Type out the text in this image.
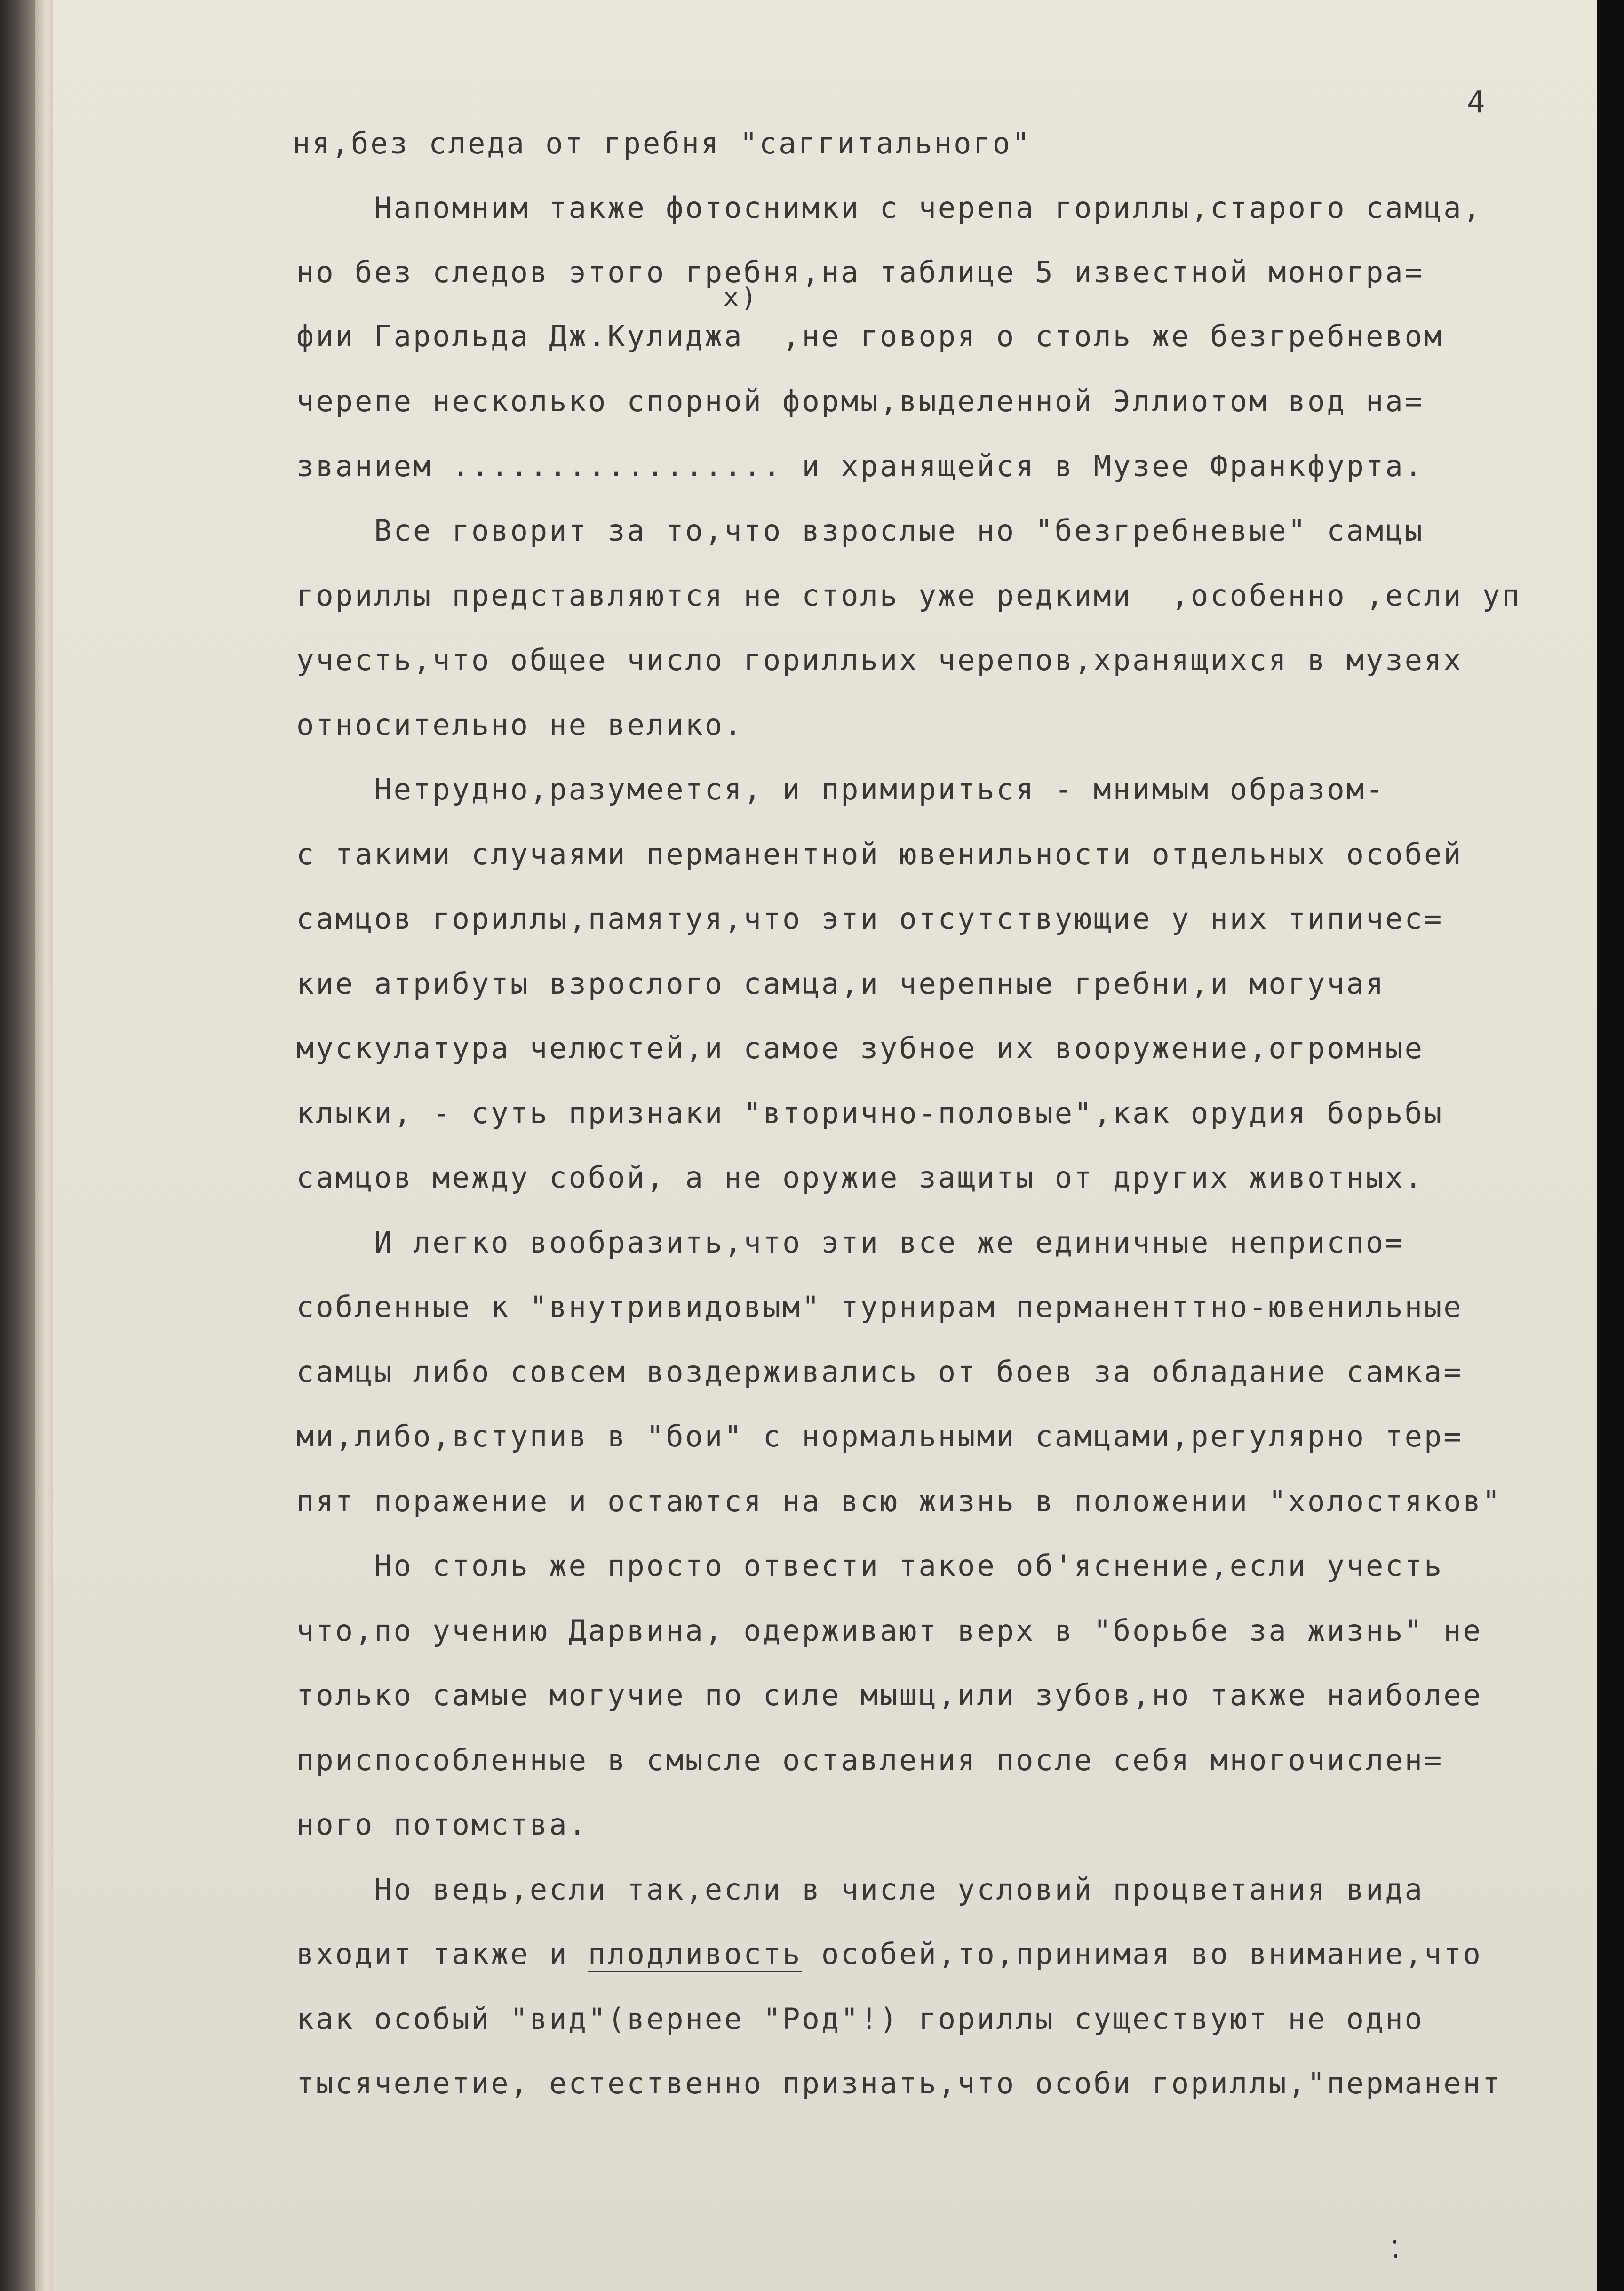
4
ня,без следа от гребня "саггитального"
Напомним также фотоснимки с черепа гориллы,старого самца,
но без следов этого гребня,на таблице 5 известной моногра=
х)
фии Гарольда Дж.Кулиджа  ,не говоря о столь же безгребневом
черепе несколько спорной формы,выделенной Эллиотом вод на=
званием ................. и хранящейся в Музее Франкфурта.
Все говорит за то,что взрослые но "безгребневые" самцы
гориллы представляются не столь уже редкими  ,особенно ,если уп
учесть,что общее число горилльих черепов,хранящихся в музеях
относительно не велико.
Нетрудно,разумеется, и примириться - мнимым образом-
с такими случаями перманентной ювенильности отдельных особей
самцов гориллы,памятуя,что эти отсутствующие у них типичес=
кие атрибуты взрослого самца,и черепные гребни,и могучая
мускулатура челюстей,и самое зубное их вооружение,огромные
клыки, - суть признаки "вторично-половые",как орудия борьбы
самцов между собой, а не оружие защиты от других животных.
И легко вообразить,что эти все же единичные неприспо=
собленные к "внутривидовым" турнирам перманенттно-ювенильные
самцы либо совсем воздерживались от боев за обладание самка=
ми,либо,вступив в "бои" с нормальными самцами,регулярно тер=
пят поражение и остаются на всю жизнь в положении "холостяков"
Но столь же просто отвести такое об'яснение,если учесть
что,по учению Дарвина, одерживают верх в "борьбе за жизнь" не
только самые могучие по силе мышц,или зубов,но также наиболее
приспособленные в смысле оставления после себя многочислен=
ного потомства.
Но ведь,если так,если в числе условий процветания вида
входит также и плодливость особей,то,принимая во внимание,что
как особый "вид"(вернее "Род"!) гориллы существуют не одно
тысячелетие, естественно признать,что особи гориллы,"перманент
